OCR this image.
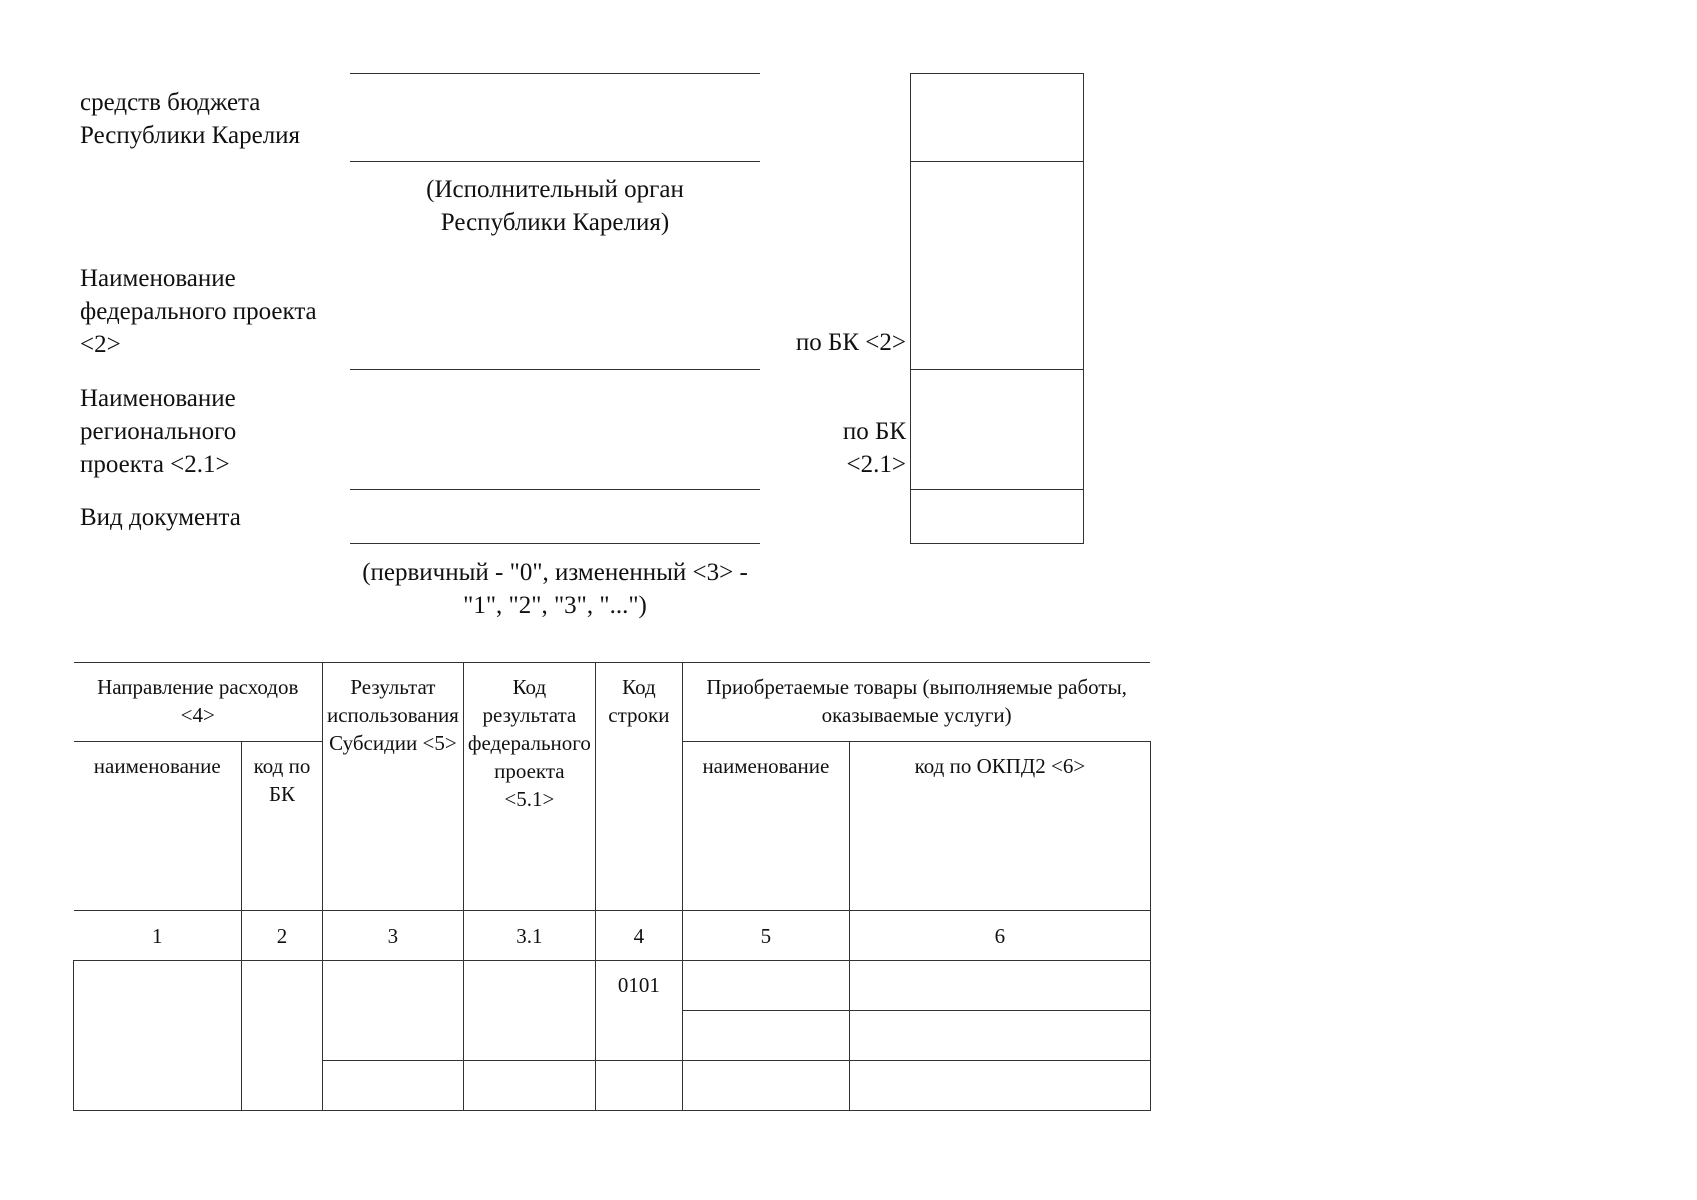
средств бюджета Республики Карелия
(Исполнительный орган Республики Карелия)
Наименование федерального проекта <2>	по БК <2>
Наименование регионального проекта <2.1>
по БК <2.1>
Вид документа
(первичный - "0", измененный <3> - "1", "2", "3", "...")
Направление расходов <4>		Результат использования Субсидии <5>	Код результата федерального проекта <5.1>	Код строки	Приобретаемые товары (выполняемые работы, оказываемые услуги)	
наименование	код по БК				наименование	код по ОКПД2 <6>
1	2	3	3.1	4	5	6
				0101		
